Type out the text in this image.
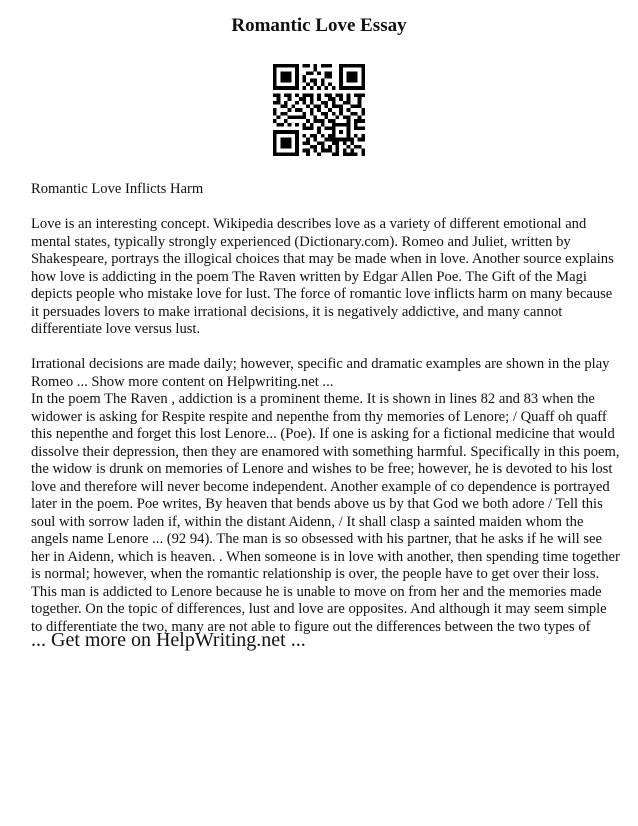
Romantic Love Essay

Romantic Love Inflicts Harm

Love is an interesting concept. Wikipedia describes love as a variety of different emotional and mental states, typically strongly experienced (Dictionary.com). Romeo and Juliet, written by Shakespeare, portrays the illogical choices that may be made when in love. Another source explains how love is addicting in the poem The Raven written by Edgar Allen Poe. The Gift of the Magi depicts people who mistake love for lust. The force of romantic love inflicts harm on many because it persuades lovers to make irrational decisions, it is negatively addictive, and many cannot differentiate love versus lust.

Irrational decisions are made daily; however, specific and dramatic examples are shown in the play Romeo ... Show more content on Helpwriting.net ...

In the poem The Raven , addiction is a prominent theme. It is shown in lines 82 and 83 when the widower is asking for Respite respite and nepenthe from thy memories of Lenore; / Quaff oh quaff this nepenthe and forget this lost Lenore... (Poe). If one is asking for a fictional medicine that would dissolve their depression, then they are enamored with something harmful. Specifically in this poem, the widow is drunk on memories of Lenore and wishes to be free; however, he is devoted to his lost love and therefore will never become independent. Another example of co dependence is portrayed later in the poem. Poe writes, By heaven that bends above us by that God we both adore / Tell this soul with sorrow laden if, within the distant Aidenn, / It shall clasp a sainted maiden whom the angels name Lenore ... (92 94). The man is so obsessed with his partner, that he asks if he will see her in Aidenn, which is heaven. . When someone is in love with another, then spending time together is normal; however, when the romantic relationship is over, the people have to get over their loss. This man is addicted to Lenore because he is unable to move on from her and the memories made together. On the topic of differences, lust and love are opposites. And although it may seem simple to differentiate the two, many are not able to figure out the differences between the two types of

... Get more on HelpWriting.net ...
